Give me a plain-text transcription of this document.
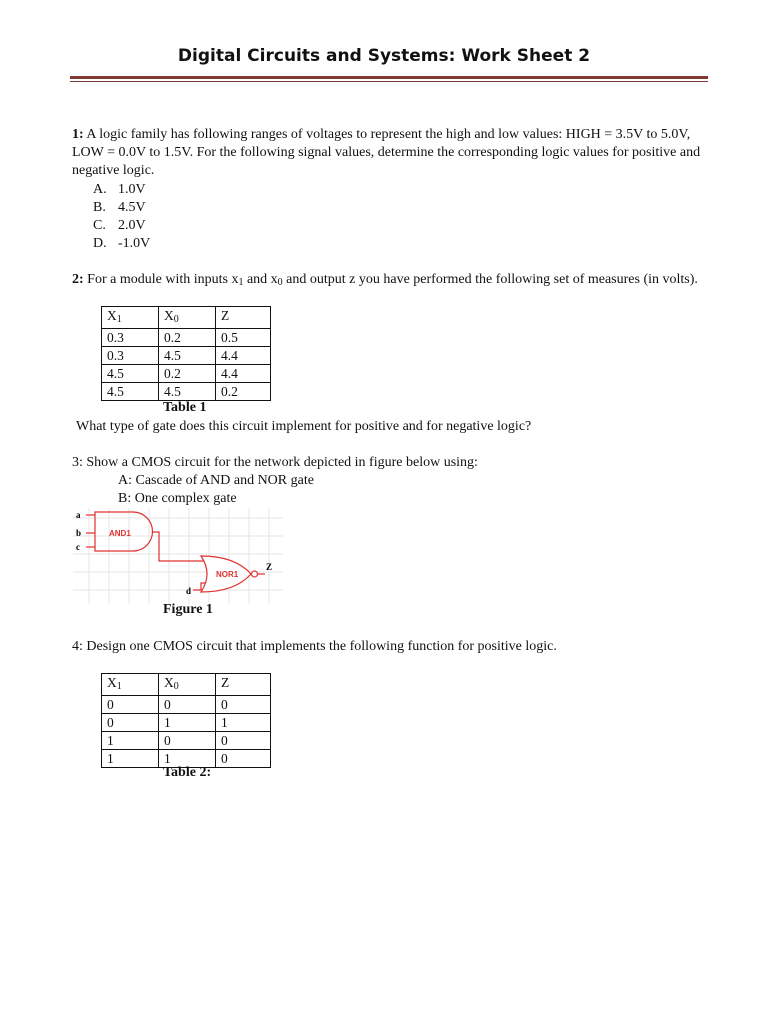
Digital Circuits and Systems: Work Sheet 2

1: A logic family has following ranges of voltages to represent the high and low values: HIGH = 3.5V to 5.0V, LOW = 0.0V to 1.5V. For the following signal values, determine the corresponding logic values for positive and negative logic.

A. 1.0V
B. 4.5V
C. 2.0V
D. -1.0V

2: For a module with inputs $x_1$ and $x_0$ and output z you have performed the following set of measures (in volts).

$X_1$	$X_0$	Z
0.3	0.2	0.5
0.3	4.5	4.4
4.5	0.2	4.4
4.5	4.5	0.2
Table 1

What type of gate does this circuit implement for positive and for negative logic?

3: Show a CMOS circuit for the network depicted in figure below using:

A: Cascade of AND and NOR gate
B: One complex gate
a
b
c
AND1
NOR1
Z
d
Figure 1

4: Design one CMOS circuit that implements the following function for positive logic.

$X_1$	$X_0$	Z
0	0	0
0	1	1
1	0	0
1	1	0
Table 2:
